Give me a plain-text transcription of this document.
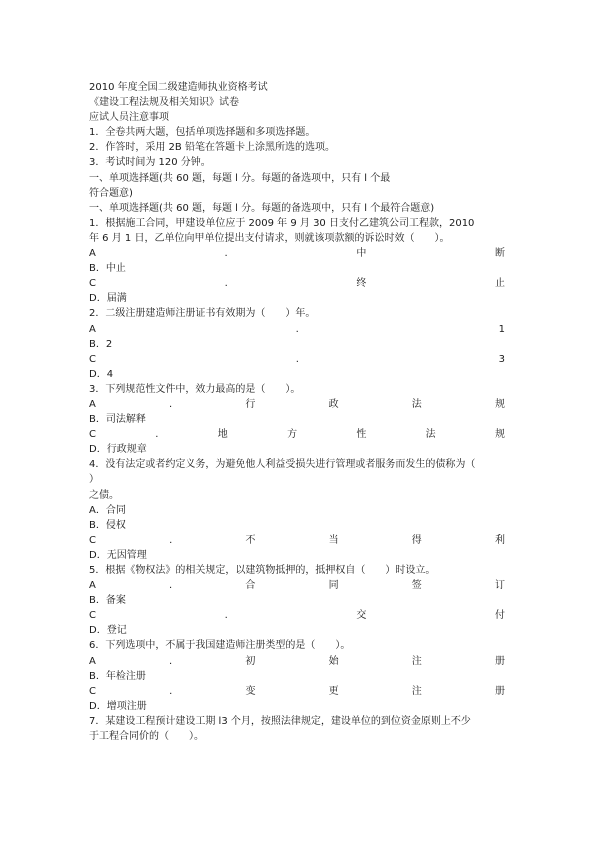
2010 年度全国二级建造师执业资格考试
《建设工程法规及相关知识》试卷
应试人员注意事项
1．全卷共两大题，包括单项选择题和多项选择题。
2．作答时，采用 2B 铅笔在答题卡上涂黑所选的选项。
3．考试时间为 120 分钟。
一、单项选择题(共 60 题，每题 l 分。每题的备选项中，只有 l 个最
符合题意)
一、单项选择题(共 60 题，每题 l 分。每题的备选项中，只有 l 个最符合题意)
1．根据施工合同，甲建设单位应于 2009 年 9 月 30 日支付乙建筑公司工程款，2010
年 6 月 1 日，乙单位向甲单位提出支付请求，则就该项款额的诉讼时效（　　）。
A	.	中	断
B．中止
C	.	终	止
D．届满
2．二级注册建造师注册证书有效期为（　　）年。
A	.	1
B．2
C	.	3
D．4
3．下列规范性文件中，效力最高的是（　　）。
A	.	行	政	法	规
B．司法解释
C	.	地	方	性	法	规
D．行政规章
4．没有法定或者约定义务，为避免他人利益受损失进行管理或者服务而发生的债称为（
）
之债。
A．合同
B．侵权
C	.	不	当	得	利
D．无因管理
5．根据《物权法》的相关规定，以建筑物抵押的，抵押权自（　　）时设立。
A	.	合	同	签	订
B．备案
C	.	交	付
D．登记
6．下列选项中，不属于我国建造师注册类型的是（　　）。
A	.	初	始	注	册
B．年检注册
C	.	变	更	注	册
D．增项注册
7．某建设工程预计建设工期 l3 个月，按照法律规定，建设单位的到位资金原则上不少
于工程合同价的（　　）。
